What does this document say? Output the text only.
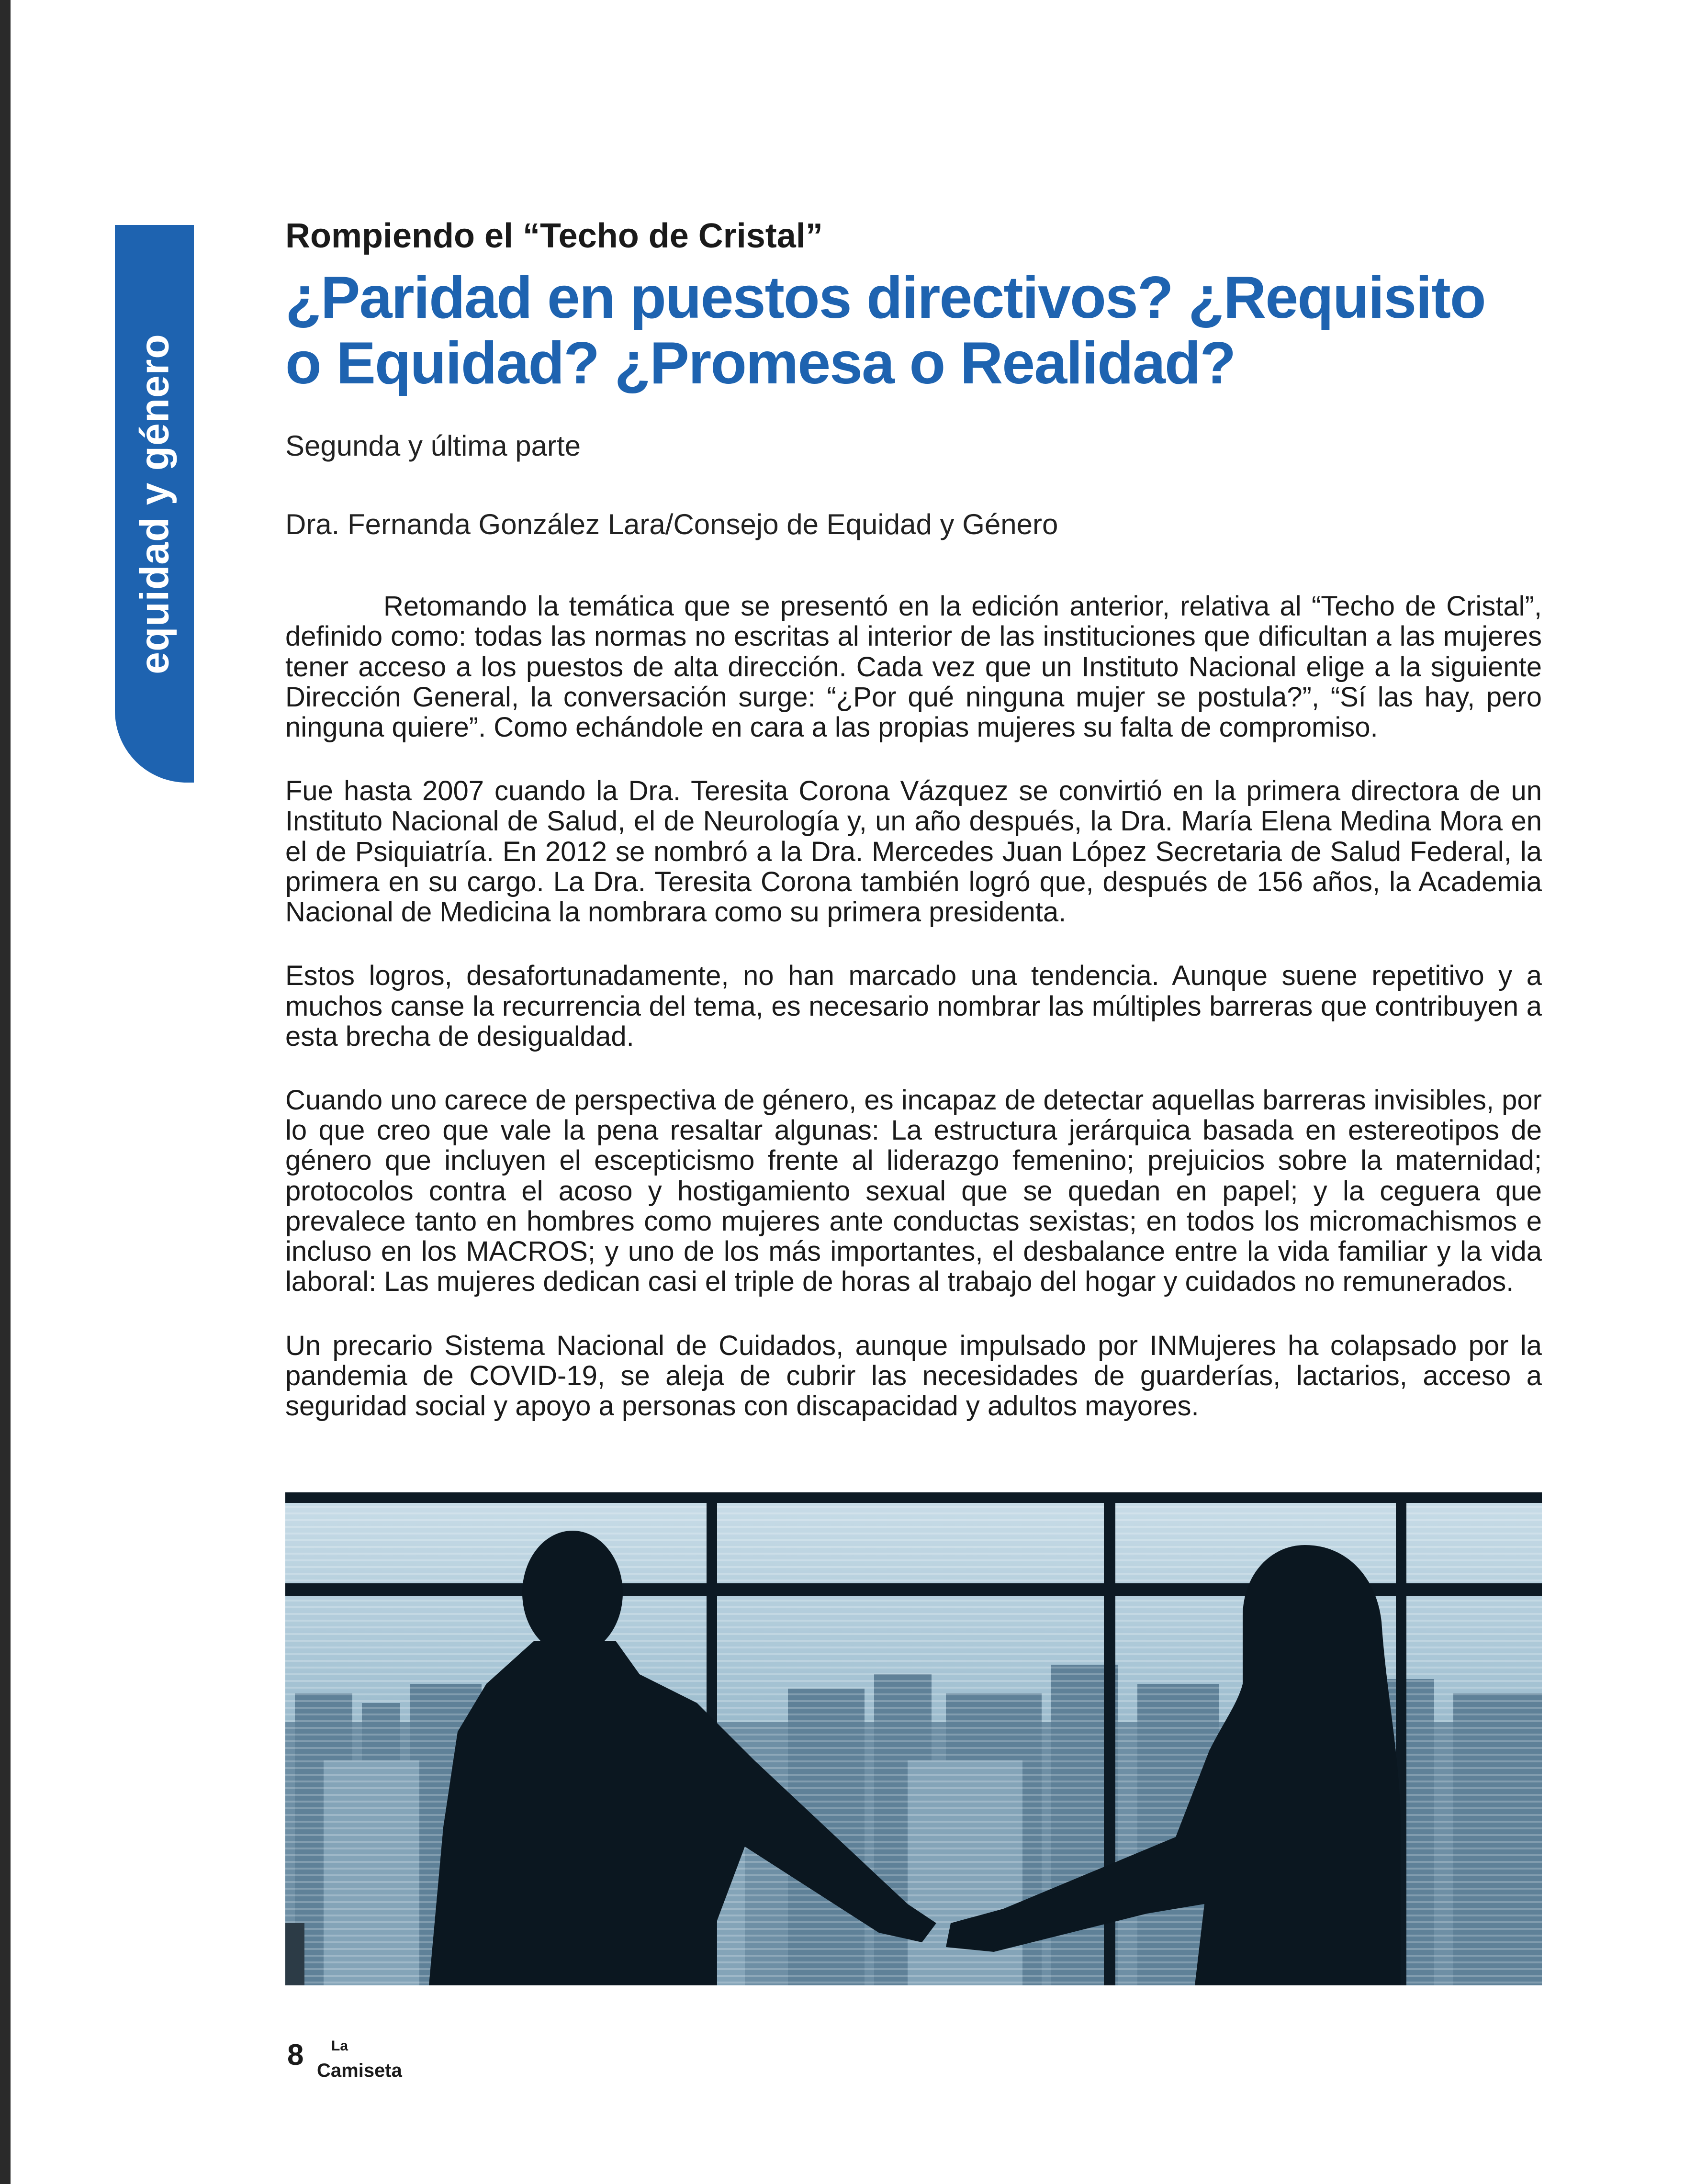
equidad y género
Rompiendo el “Techo de Cristal”
¿Paridad en puestos directivos? ¿Requisito
o Equidad? ¿Promesa o Realidad?
Segunda y última parte
Dra. Fernanda González Lara/Consejo de Equidad y Género

Retomando la temática que se presentó en la edición anterior, relativa al “Techo de Cristal”, definido como: todas las normas no escritas al interior de las instituciones que dificultan a las mujeres tener acceso a los puestos de alta dirección. Cada vez que un Instituto Nacional elige a la siguiente Dirección General, la conversación surge: “¿Por qué ninguna mujer se postula?”, “Sí las hay, pero ninguna quiere”. Como echándole en cara a las propias mujeres su falta de compromiso.

Fue hasta 2007 cuando la Dra. Teresita Corona Vázquez se convirtió en la primera directora de un Instituto Nacional de Salud, el de Neurología y, un año después, la Dra. María Elena Medina Mora en el de Psiquiatría. En 2012 se nombró a la Dra. Mercedes Juan López Secretaria de Salud Federal, la primera en su cargo. La Dra. Teresita Corona también logró que, después de 156 años, la Academia Nacional de Medicina la nombrara como su primera presidenta.

Estos logros, desafortunadamente, no han marcado una tendencia. Aunque suene repetitivo y a muchos canse la recurrencia del tema, es necesario nombrar las múltiples barreras que contribuyen a esta brecha de desigualdad.

Cuando uno carece de perspectiva de género, es incapaz de detectar aquellas barreras invisibles, por lo que creo que vale la pena resaltar algunas: La estructura jerárquica basada en estereotipos de género que incluyen el escepticismo frente al liderazgo femenino; prejuicios sobre la maternidad; protocolos contra el acoso y hostigamiento sexual que se quedan en papel; y la ceguera que prevalece tanto en hombres como mujeres ante conductas sexistas; en todos los micromachismos e incluso en los MACROS; y uno de los más importantes, el desbalance entre la vida familiar y la vida laboral: Las mujeres dedican casi el triple de horas al trabajo del hogar y cuidados no remunerados.

Un precario Sistema Nacional de Cuidados, aunque impulsado por INMujeres ha colapsado por la pandemia de COVID-19, se aleja de cubrir las necesidades de guarderías, lactarios, acceso a seguridad social y apoyo a personas con discapacidad y adultos mayores.

8 La
Camiseta
